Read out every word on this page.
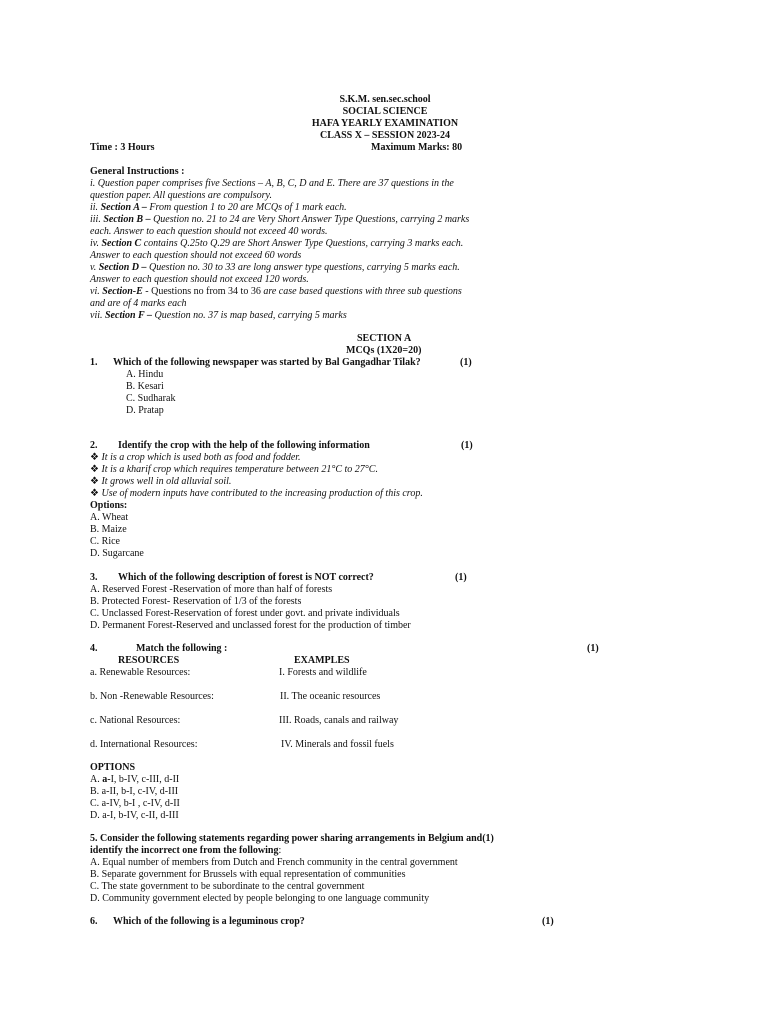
S.K.M. sen.sec.school
SOCIAL SCIENCE
HAFA YEARLY EXAMINATION
CLASS X – SESSION 2023-24
Time : 3 Hours	Maximum Marks: 80
General Instructions :
i. Question paper comprises five Sections – A, B, C, D and E. There are 37 questions in the
question paper. All questions are compulsory.
ii. Section A – From question 1 to 20 are MCQs of 1 mark each.
iii. Section B – Question no. 21 to 24 are Very Short Answer Type Questions, carrying 2 marks
each. Answer to each question should not exceed 40 words.
iv. Section C contains Q.25to Q.29 are Short Answer Type Questions, carrying 3 marks each.
Answer to each question should not exceed 60 words
v. Section D – Question no. 30 to 33 are long answer type questions, carrying 5 marks each.
Answer to each question should not exceed 120 words.
vi. Section-E - Questions no from 34 to 36 are case based questions with three sub questions
and are of 4 marks each
vii. Section F – Question no. 37 is map based, carrying 5 marks
SECTION A
MCQs (1X20=20)
1. Which of the following newspaper was started by Bal Gangadhar Tilak?	(1)
A. Hindu
B. Kesari
C. Sudharak
D. Pratap
2. Identify the crop with the help of the following information	(1)
❖ It is a crop which is used both as food and fodder.
❖ It is a kharif crop which requires temperature between 21°C to 27°C.
❖ It grows well in old alluvial soil.
❖ Use of modern inputs have contributed to the increasing production of this crop.
Options:
A. Wheat
B. Maize
C. Rice
D. Sugarcane
3. Which of the following description of forest is NOT correct?	(1)
A. Reserved Forest -Reservation of more than half of forests
B. Protected Forest- Reservation of 1/3 of the forests
C. Unclassed Forest-Reservation of forest under govt. and private individuals
D. Permanent Forest-Reserved and unclassed forest for the production of timber
4.	Match the following :	(1)
RESOURCES	EXAMPLES
a. Renewable Resources:	I. Forests and wildlife
b. Non -Renewable Resources:	II. The oceanic resources
c. National Resources:	III. Roads, canals and railway
d. International Resources:	IV. Minerals and fossil fuels
OPTIONS
A. a-I, b-IV, c-III, d-II
B. a-II, b-I, c-IV, d-III
C. a-IV, b-I , c-IV, d-II
D. a-I, b-IV, c-II, d-III
5. Consider the following statements regarding power sharing arrangements in Belgium and(1)
identify the incorrect one from the following:
A. Equal number of members from Dutch and French community in the central government
B. Separate government for Brussels with equal representation of communities
C. The state government to be subordinate to the central government
D. Community government elected by people belonging to one language community
6. Which of the following is a leguminous crop?	(1)
